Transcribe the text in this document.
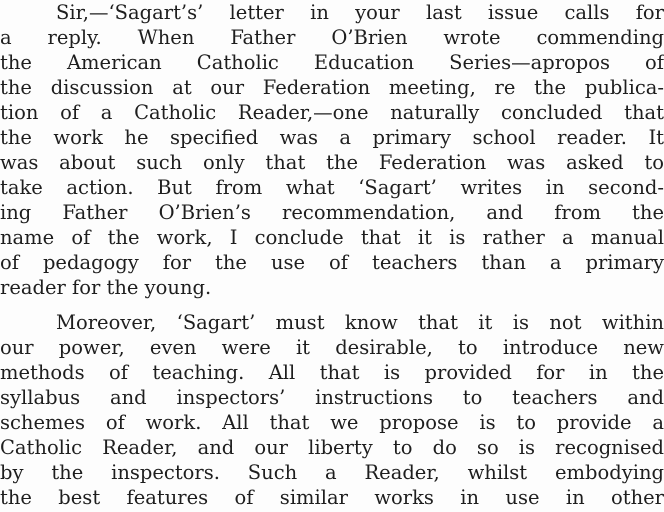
Sir,—‘Sagart’s’ letter in your last issue calls for
a reply. When Father O’Brien wrote commending
the American Catholic Education Series—apropos of
the discussion at our Federation meeting, re the publica-
tion of a Catholic Reader,—one naturally concluded that
the work he specified was a primary school reader. It
was about such only that the Federation was asked to
take action. But from what ‘Sagart’ writes in second-
ing Father O’Brien’s recommendation, and from the
name of the work, I conclude that it is rather a manual
of pedagogy for the use of teachers than a primary
reader for the young.
Moreover, ‘Sagart’ must know that it is not within
our power, even were it desirable, to introduce new
methods of teaching. All that is provided for in the
syllabus and inspectors’ instructions to teachers and
schemes of work. All that we propose is to provide a
Catholic Reader, and our liberty to do so is recognised
by the inspectors. Such a Reader, whilst embodying
the best features of similar works in use in other
